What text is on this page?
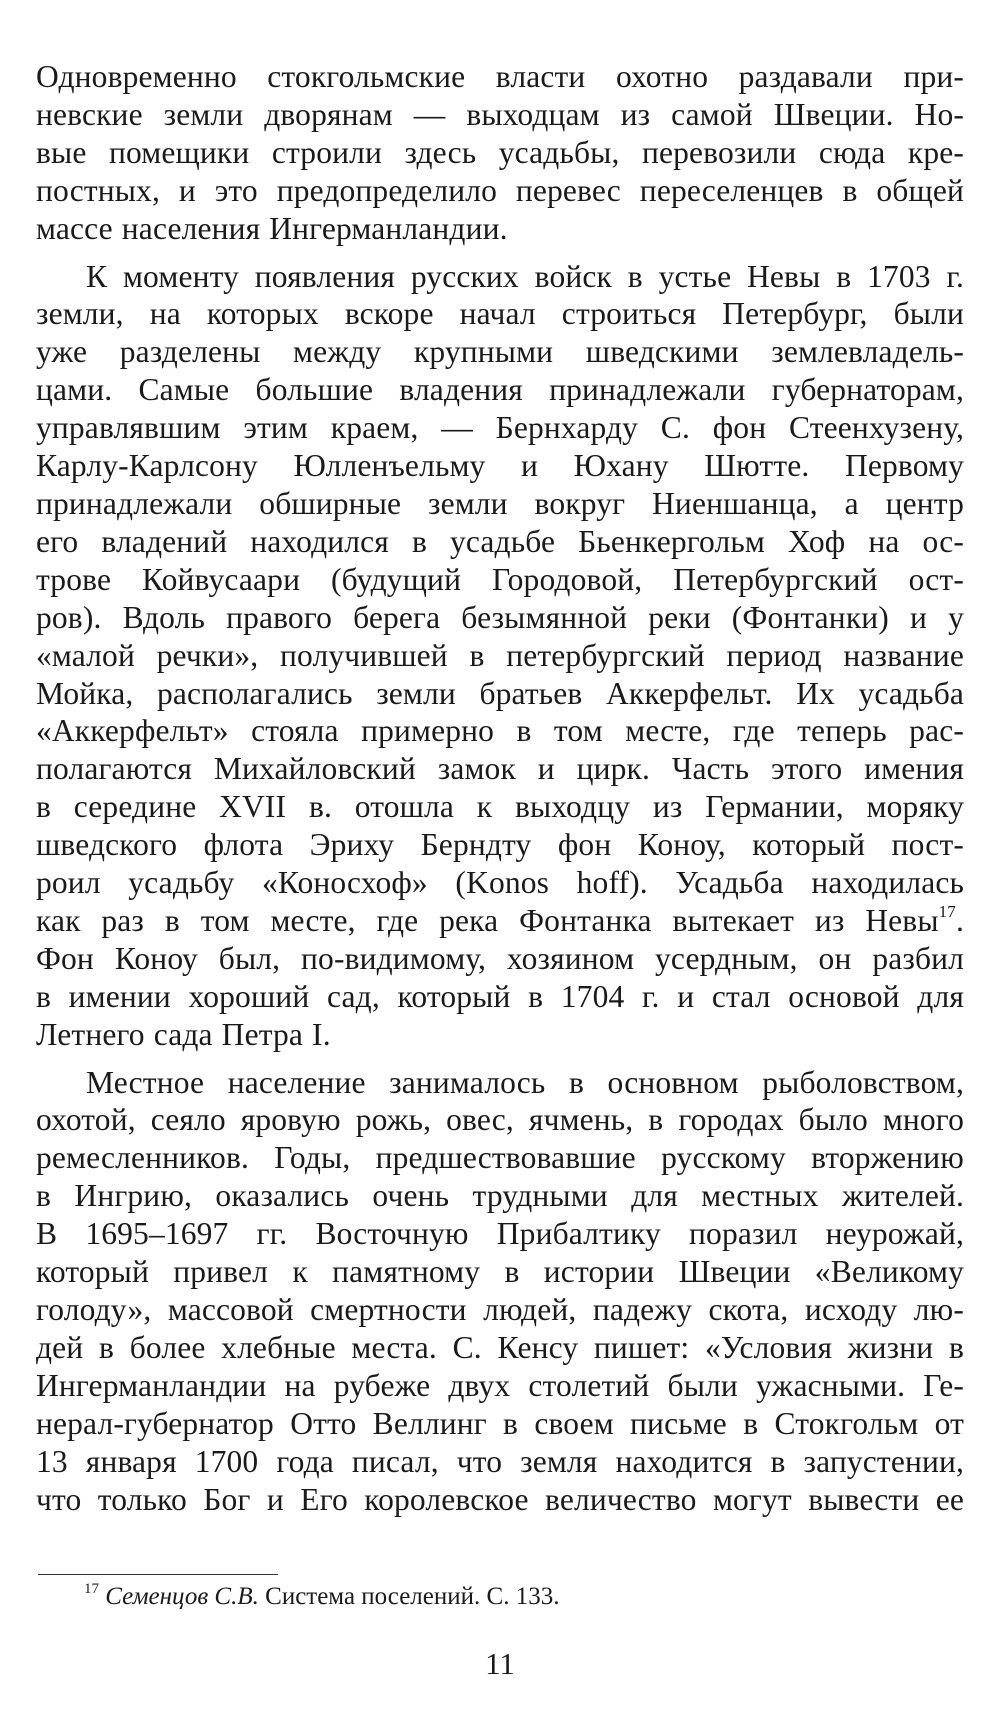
Одновременно стокгольмские власти охотно раздавали при-
невские земли дворянам — выходцам из самой Швеции. Но-
вые помещики строили здесь усадьбы, перевозили сюда кре-
постных, и это предопределило перевес переселенцев в общей
массе населения Ингерманландии.
К моменту появления русских войск в устье Невы в 1703 г.
земли, на которых вскоре начал строиться Петербург, были
уже разделены между крупными шведскими землевладель-
цами. Самые большие владения принадлежали губернаторам,
управлявшим этим краем, — Бернхарду С. фон Стеенхузену,
Карлу-Карлсону Юлленъельму и Юхану Шютте. Первому
принадлежали обширные земли вокруг Ниеншанца, а центр
его владений находился в усадьбе Бьенкергольм Хоф на ос-
трове Койвусаари (будущий Городовой, Петербургский ост-
ров). Вдоль правого берега безымянной реки (Фонтанки) и у
«малой речки», получившей в петербургский период название
Мойка, располагались земли братьев Аккерфельт. Их усадьба
«Аккерфельт» стояла примерно в том месте, где теперь рас-
полагаются Михайловский замок и цирк. Часть этого имения
в середине XVII в. отошла к выходцу из Германии, моряку
шведского флота Эриху Берндту фон Коноу, который пост-
роил усадьбу «Коносхоф» (Konos hoff). Усадьба находилась
как раз в том месте, где река Фонтанка вытекает из Невы$^{17}$.
Фон Коноу был, по-видимому, хозяином усердным, он разбил
в имении хороший сад, который в 1704 г. и стал основой для
Летнего сада Петра I.
Местное население занималось в основном рыболовством,
охотой, сеяло яровую рожь, овес, ячмень, в городах было много
ремесленников. Годы, предшествовавшие русскому вторжению
в Ингрию, оказались очень трудными для местных жителей.
В 1695–1697 гг. Восточную Прибалтику поразил неурожай,
который привел к памятному в истории Швеции «Великому
голоду», массовой смертности людей, падежу скота, исходу лю-
дей в более хлебные места. С. Кенсу пишет: «Условия жизни в
Ингерманландии на рубеже двух столетий были ужасными. Ге-
нерал-губернатор Отто Веллинг в своем письме в Стокгольм от
13 января 1700 года писал, что земля находится в запустении,
что только Бог и Его королевское величество могут вывести ее
$^{17}$ Семенцов С.В. Система поселений. С. 133.
11
